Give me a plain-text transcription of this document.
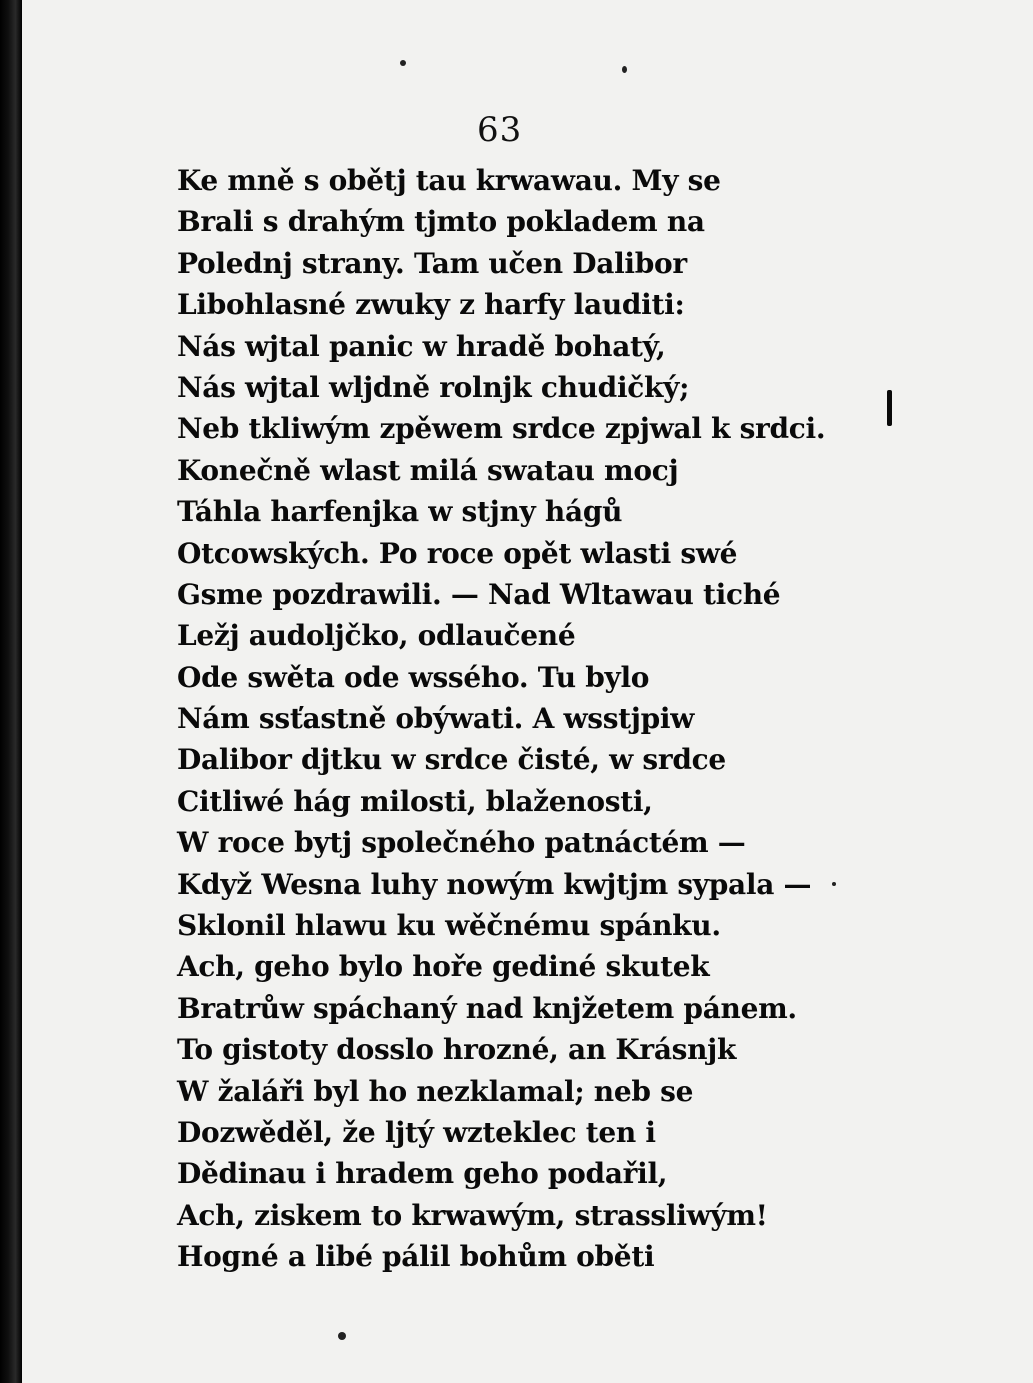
63
Ke mně s obětj tau krwawau. My se
Brali s drahým tjmto pokladem na
Polednj strany. Tam učen Dalibor
Libohlasné zwuky z harfy lauditi:
Nás wjtal panic w hradě bohatý,
Nás wjtal wljdně rolnjk chudičký;
Neb tkliwým zpěwem srdce zpjwal k srdci.
Konečně wlast milá swatau mocj
Táhla harfenjka w stjny hágů
Otcowských. Po roce opět wlasti swé
Gsme pozdrawili. — Nad Wltawau tiché
Ležj audoljčko, odlaučené
Ode swěta ode wssého. Tu bylo
Nám ssťastně obýwati. A wsstjpiw
Dalibor djtku w srdce čisté, w srdce
Citliwé hág milosti, blaženosti,
W roce bytj společného patnáctém —
Když Wesna luhy nowým kwjtjm sypala —
Sklonil hlawu ku wěčnému spánku.
Ach, geho bylo hoře gediné skutek
Bratrůw spáchaný nad knjžetem pánem.
To gistoty dosslo hrozné, an Krásnjk
W žaláři byl ho nezklamal; neb se
Dozwěděl, že ljtý wzteklec ten i
Dědinau i hradem geho podařil,
Ach, ziskem to krwawým, strassliwým!
Hogné a libé pálil bohům oběti
